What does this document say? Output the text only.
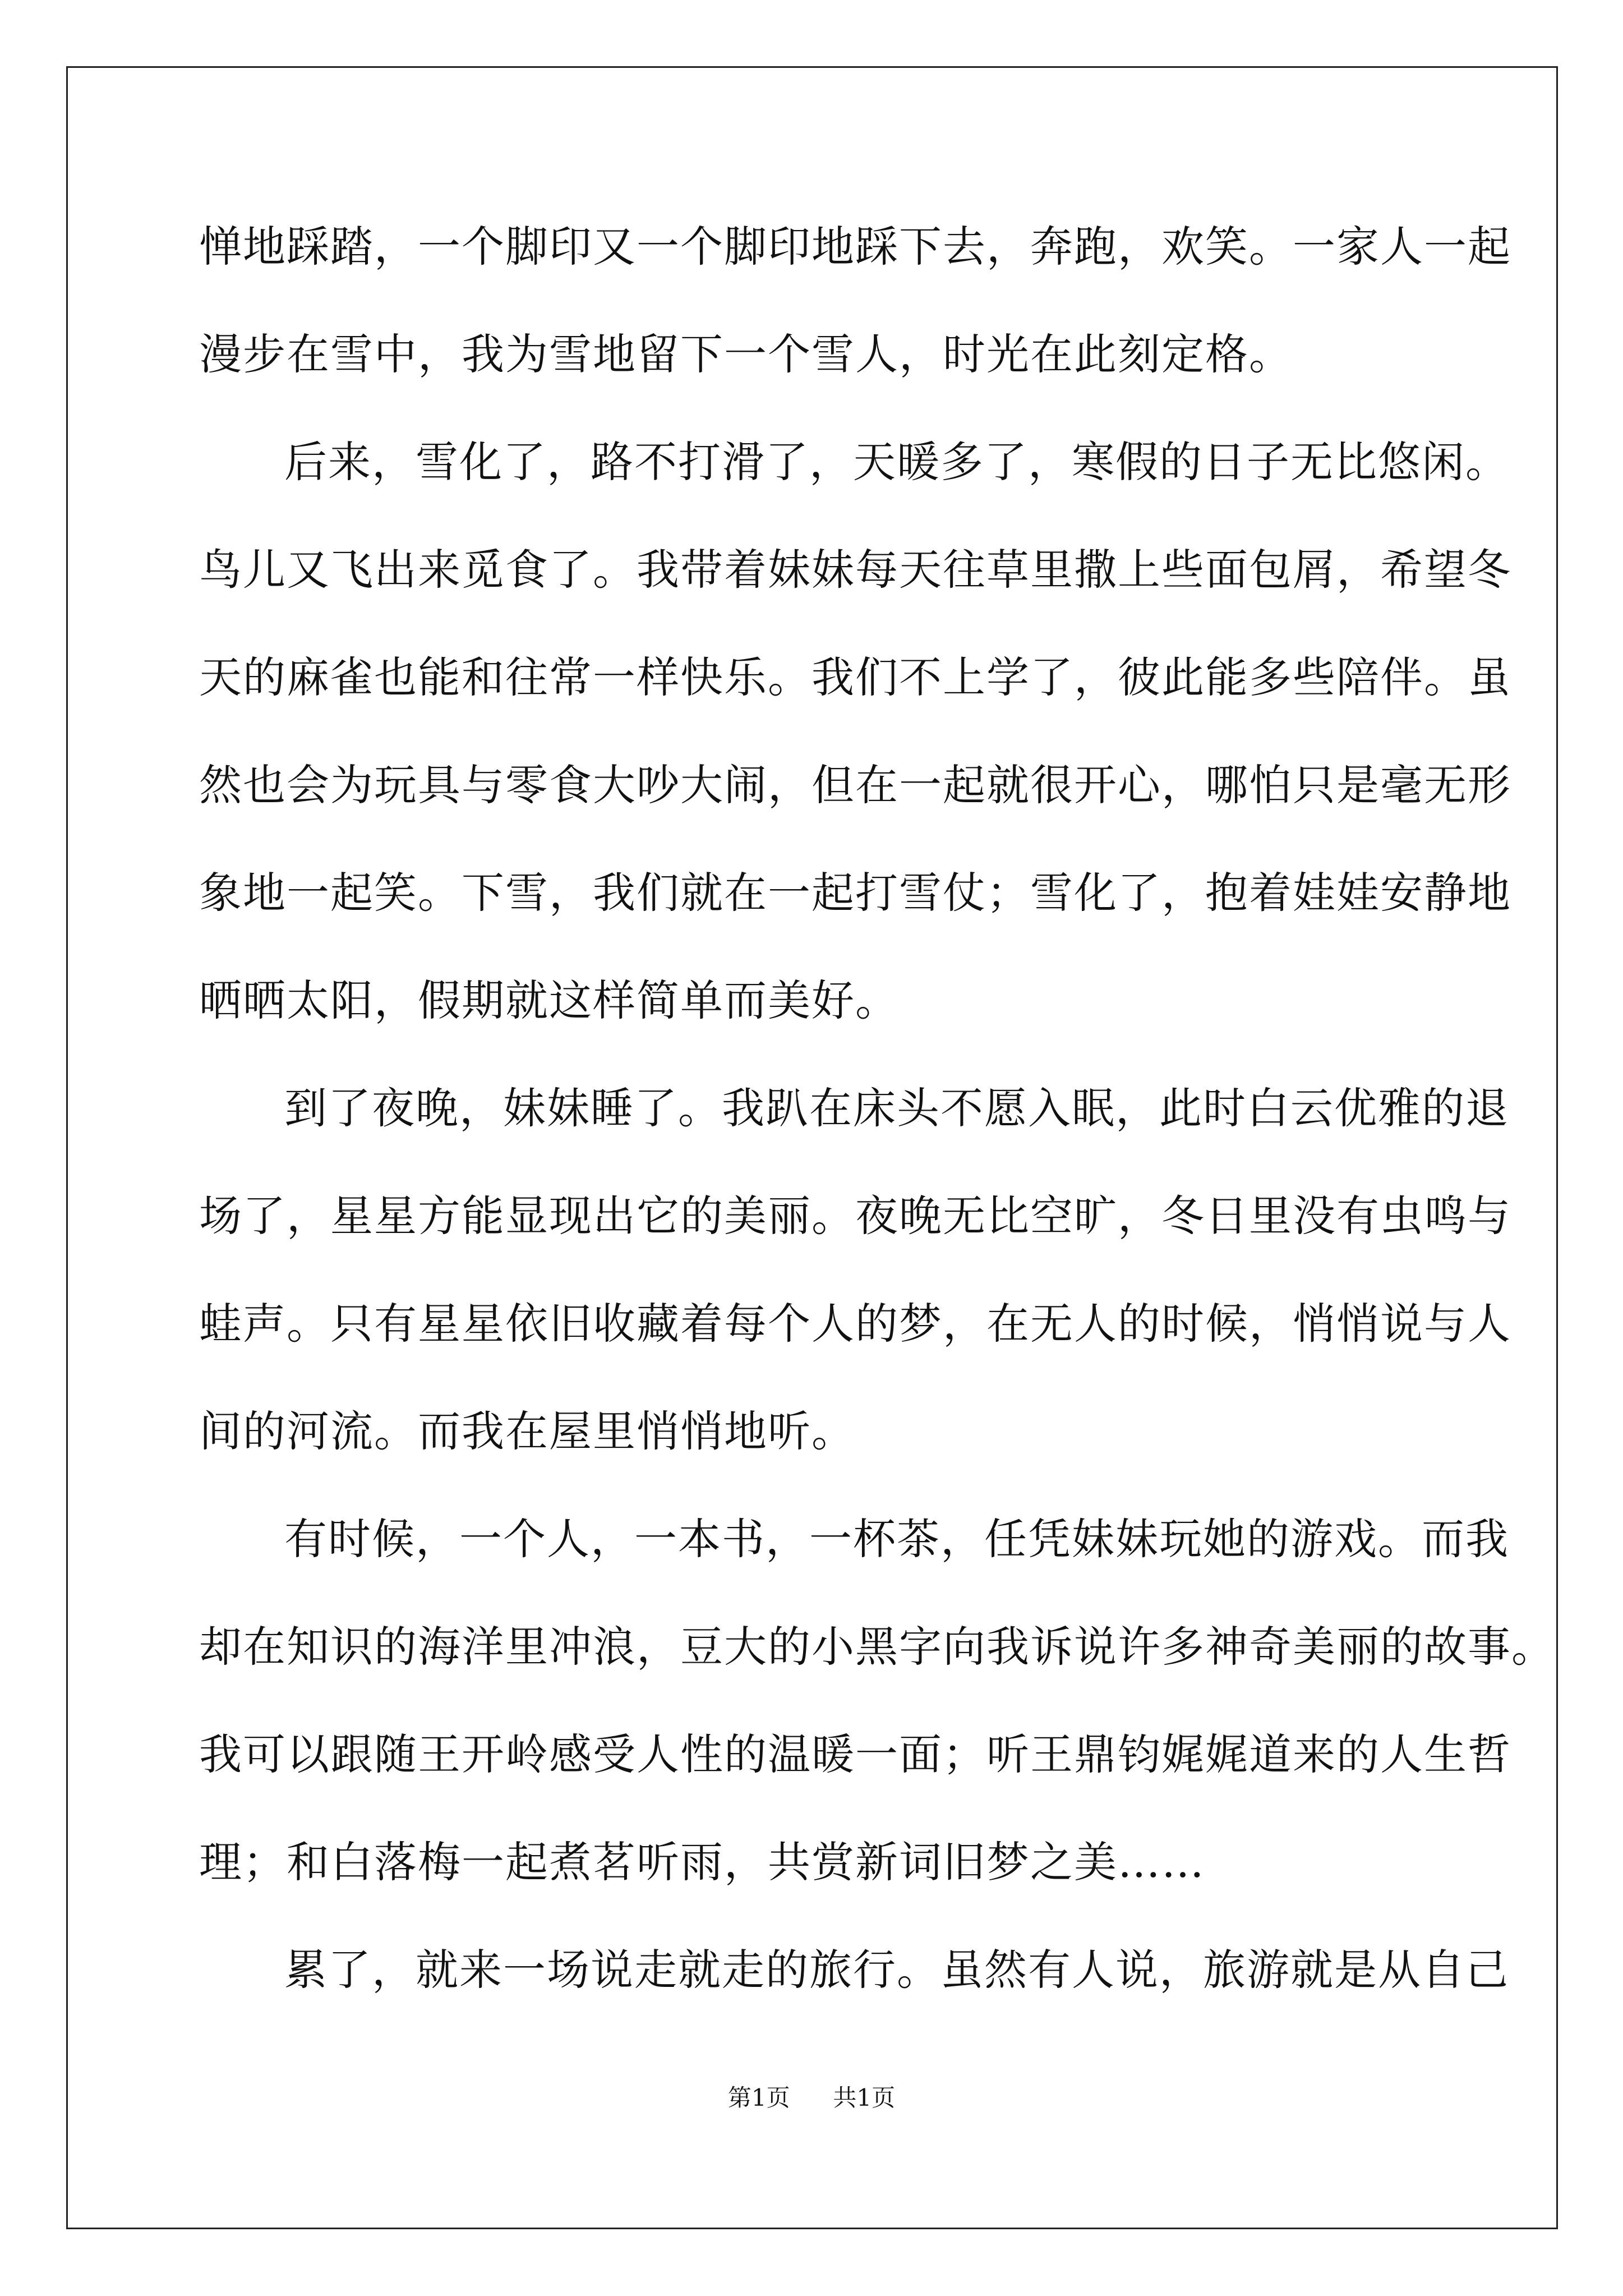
惮地踩踏，一个脚印又一个脚印地踩下去，奔跑，欢笑。一家人一起
漫步在雪中，我为雪地留下一个雪人，时光在此刻定格。
后来，雪化了，路不打滑了，天暖多了，寒假的日子无比悠闲。
鸟儿又飞出来觅食了。我带着妹妹每天往草里撒上些面包屑，希望冬
天的麻雀也能和往常一样快乐。我们不上学了，彼此能多些陪伴。虽
然也会为玩具与零食大吵大闹，但在一起就很开心，哪怕只是毫无形
象地一起笑。下雪，我们就在一起打雪仗；雪化了，抱着娃娃安静地
晒晒太阳，假期就这样简单而美好。
到了夜晚，妹妹睡了。我趴在床头不愿入眠，此时白云优雅的退
场了，星星方能显现出它的美丽。夜晚无比空旷，冬日里没有虫鸣与
蛙声。只有星星依旧收藏着每个人的梦，在无人的时候，悄悄说与人
间的河流。而我在屋里悄悄地听。
有时候，一个人，一本书，一杯茶，任凭妹妹玩她的游戏。而我
却在知识的海洋里冲浪，豆大的小黑字向我诉说许多神奇美丽的故事。
我可以跟随王开岭感受人性的温暖一面；听王鼎钧娓娓道来的人生哲
理；和白落梅一起煮茗听雨，共赏新词旧梦之美……
累了，就来一场说走就走的旅行。虽然有人说，旅游就是从自己
第1页 共1页
